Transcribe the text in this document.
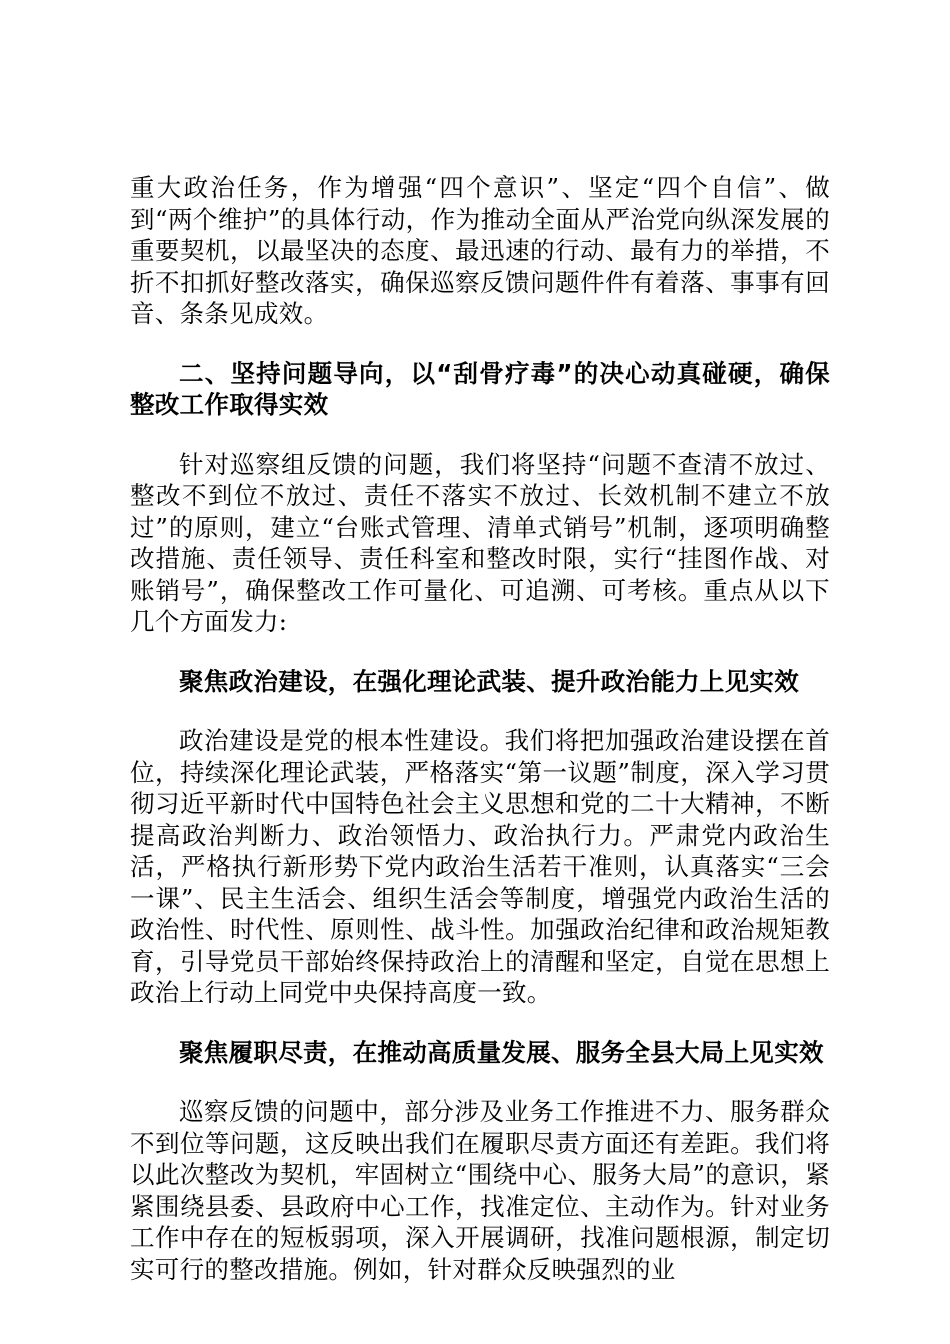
重大政治任务，作为增强“四个意识”、坚定“四个自信”、做到“两个维护”的具体行动，作为推动全面从严治党向纵深发展的重要契机，以最坚决的态度、最迅速的行动、最有力的举措，不折不扣抓好整改落实，确保巡察反馈问题件件有着落、事事有回音、条条见成效。

二、坚持问题导向，以“刮骨疗毒”的决心动真碰硬，确保整改工作取得实效

针对巡察组反馈的问题，我们将坚持“问题不查清不放过、整改不到位不放过、责任不落实不放过、长效机制不建立不放过”的原则，建立“台账式管理、清单式销号”机制，逐项明确整改措施、责任领导、责任科室和整改时限，实行“挂图作战、对账销号”，确保整改工作可量化、可追溯、可考核。重点从以下几个方面发力:

聚焦政治建设，在强化理论武装、提升政治能力上见实效

政治建设是党的根本性建设。我们将把加强政治建设摆在首位，持续深化理论武装，严格落实“第一议题”制度，深入学习贯彻习近平新时代中国特色社会主义思想和党的二十大精神，不断提高政治判断力、政治领悟力、政治执行力。严肃党内政治生活，严格执行新形势下党内政治生活若干准则，认真落实“三会一课”、民主生活会、组织生活会等制度，增强党内政治生活的政治性、时代性、原则性、战斗性。加强政治纪律和政治规矩教育，引导党员干部始终保持政治上的清醒和坚定，自觉在思想上政治上行动上同党中央保持高度一致。

聚焦履职尽责，在推动高质量发展、服务全县大局上见实效

巡察反馈的问题中，部分涉及业务工作推进不力、服务群众不到位等问题，这反映出我们在履职尽责方面还有差距。我们将以此次整改为契机，牢固树立“围绕中心、服务大局”的意识，紧紧围绕县委、县政府中心工作，找准定位、主动作为。针对业务工作中存在的短板弱项，深入开展调研，找准问题根源，制定切实可行的整改措施。例如，针对群众反映强烈的业
